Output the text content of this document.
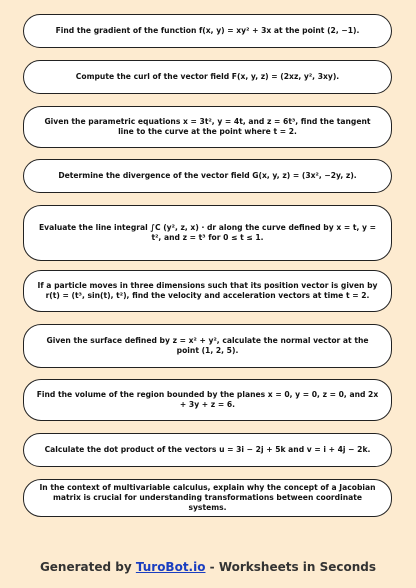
Find the gradient of the function f(x, y) = xy² + 3x at the point (2, −1).
Compute the curl of the vector field F(x, y, z) = (2xz, y², 3xy).
Given the parametric equations x = 3t², y = 4t, and z = 6t³, find the tangent line to the curve at the point where t = 2.
Determine the divergence of the vector field G(x, y, z) = (3x², −2y, z).
Evaluate the line integral ∫C (y², z, x) · dr along the curve defined by x = t, y = t², and z = t³ for 0 ≤ t ≤ 1.
If a particle moves in three dimensions such that its position vector is given by r(t) = (t³, sin(t), t²), find the velocity and acceleration vectors at time t = 2.
Given the surface defined by z = x² + y², calculate the normal vector at the point (1, 2, 5).
Find the volume of the region bounded by the planes x = 0, y = 0, z = 0, and 2x + 3y + z = 6.
Calculate the dot product of the vectors u = 3i − 2j + 5k and v = i + 4j − 2k.
In the context of multivariable calculus, explain why the concept of a Jacobian matrix is crucial for understanding transformations between coordinate systems.
Generated by TuroBot.io - Worksheets in Seconds
